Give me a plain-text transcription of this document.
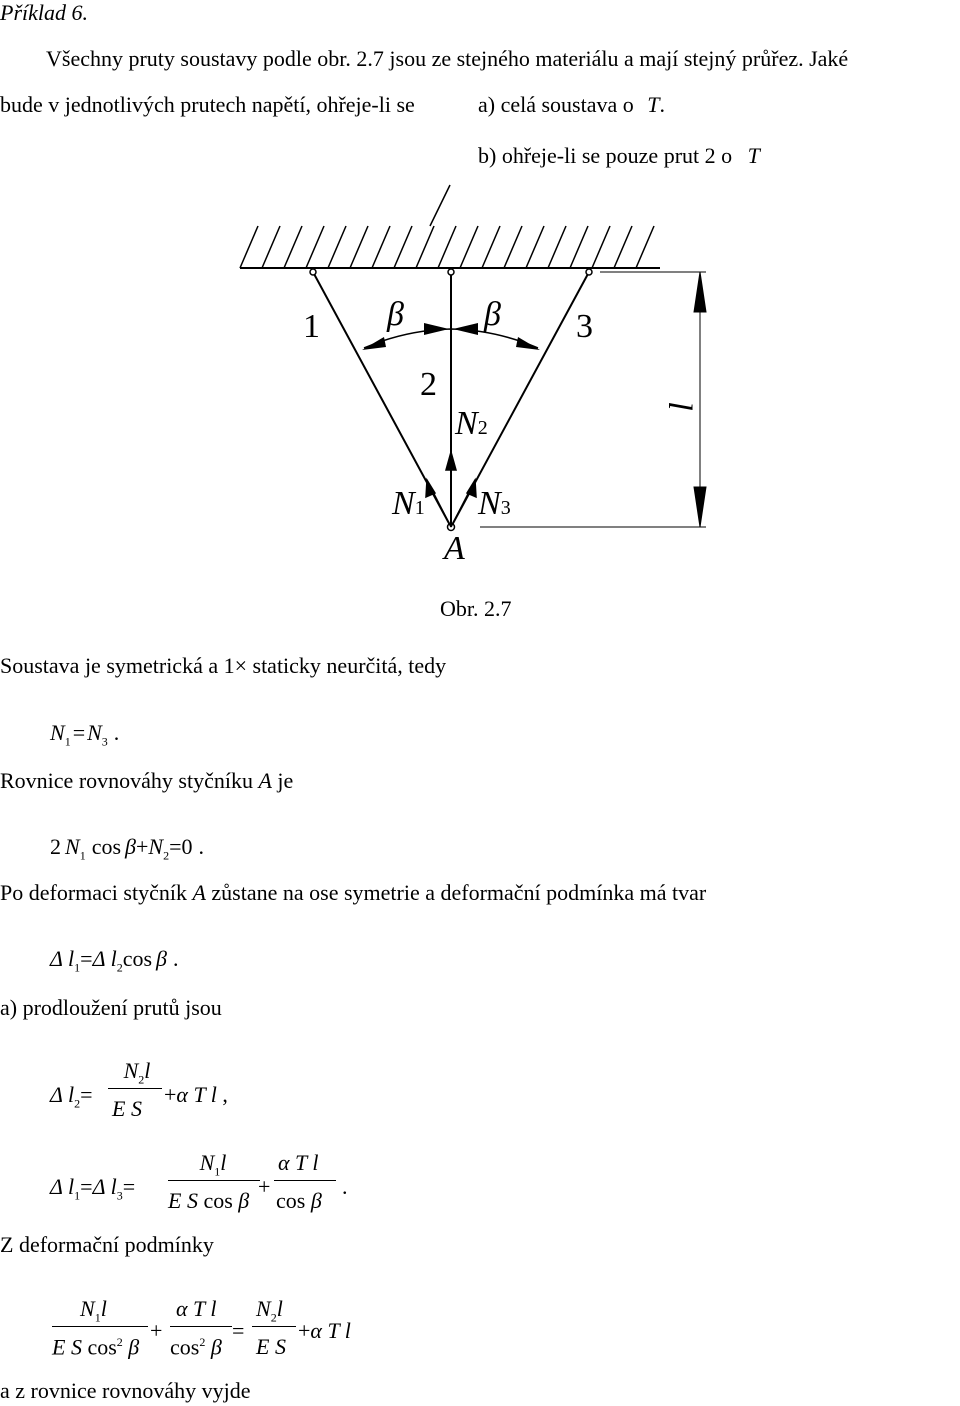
Příklad 6.
Všechny pruty soustavy podle obr. 2.7 jsou ze stejného materiálu a mají stejný průřez. Jaké
bude v jednotlivých prutech napětí, ohřeje-li se	a) celá soustava o T.
b) ohřeje-li se pouze prut 2 o T
1
2
3
β β
l
N2
N1 N3
A
Obr. 2.7
Soustava je symetrická a 1× staticky neurčitá, tedy
$N_1=N_3$ .
Rovnice rovnováhy styčníku A je
2 $N_1$ $\cos \beta+N_2=0$ .
Po deformaci styčník A zůstane na ose symetrie a deformační podmínka má tvar
Δ $l_1=\Delta$ $l_2\cos$ β .
a) prodloužení prutů jsou
Δ $l_2=$
$N_2l$
E S
+α T l ,
Δ $l_1=\Delta$ $l_3=$
$N_1l$
E S cos β
+
α T l
cos β
.
Z deformační podmínky
$N_1l$
E S $\cos^2 \beta$
+
α T l
$\cos^2 \beta$
=
$N_2l$
E S
+α T l
a z rovnice rovnováhy vyjde
